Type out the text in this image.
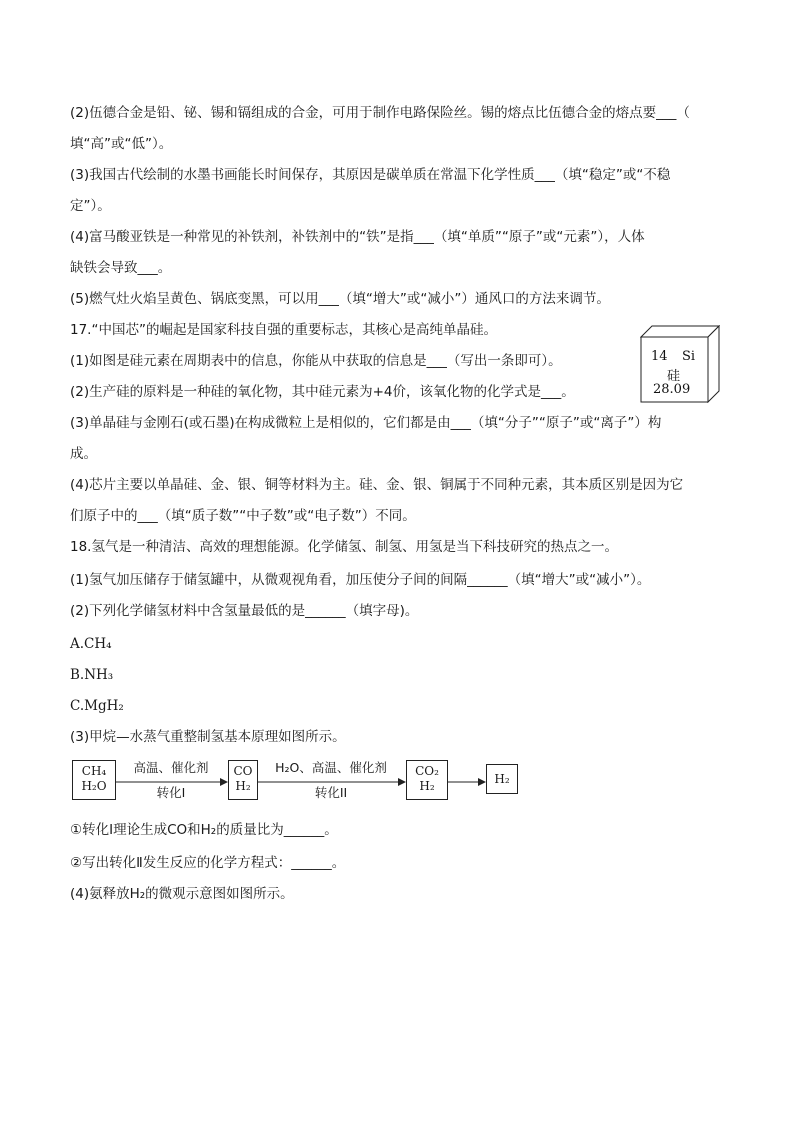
(2)伍德合金是铅、铋、锡和镉组成的合金，可用于制作电路保险丝。锡的熔点比伍德合金的熔点要___（
填“高”或“低”）。
(3)我国古代绘制的水墨书画能长时间保存，其原因是碳单质在常温下化学性质___（填“稳定”或“不稳
定”）。
(4)富马酸亚铁是一种常见的补铁剂，补铁剂中的“铁”是指___（填“单质”“原子”或“元素”），人体
缺铁会导致___。
(5)燃气灶火焰呈黄色、锅底变黑，可以用___（填“增大”或“减小”）通风口的方法来调节。
17.“中国芯”的崛起是国家科技自强的重要标志，其核心是高纯单晶硅。
(1)如图是硅元素在周期表中的信息，你能从中获取的信息是___（写出一条即可）。
(2)生产硅的原料是一种硅的氧化物，其中硅元素为+4价，该氧化物的化学式是___。
(3)单晶硅与金刚石(或石墨)在构成微粒上是相似的，它们都是由___（填“分子”“原子”或“离子”）构
成。
(4)芯片主要以单晶硅、金、银、铜等材料为主。硅、金、银、铜属于不同种元素，其本质区别是因为它
们原子中的___（填“质子数”“中子数”或“电子数”）不同。
18.氢气是一种清洁、高效的理想能源。化学储氢、制氢、用氢是当下科技研究的热点之一。
(1)氢气加压储存于储氢罐中，从微观视角看，加压使分子间的间隔______（填“增大”或“减小”）。
(2)下列化学储氢材料中含氢量最低的是______（填字母)。
A.CH₄
B.NH₃
C.MgH₂
(3)甲烷—水蒸气重整制氢基本原理如图所示。
①转化I理论生成CO和H₂的质量比为______。
②写出转化Ⅱ发生反应的化学方程式：______。
(4)氨释放H₂的微观示意图如图所示。
14 Si
硅
28.09
CH₄
H₂O
高温、催化剂
转化I
CO
H₂
H₂O、高温、催化剂
转化II
CO₂
H₂	H₂
